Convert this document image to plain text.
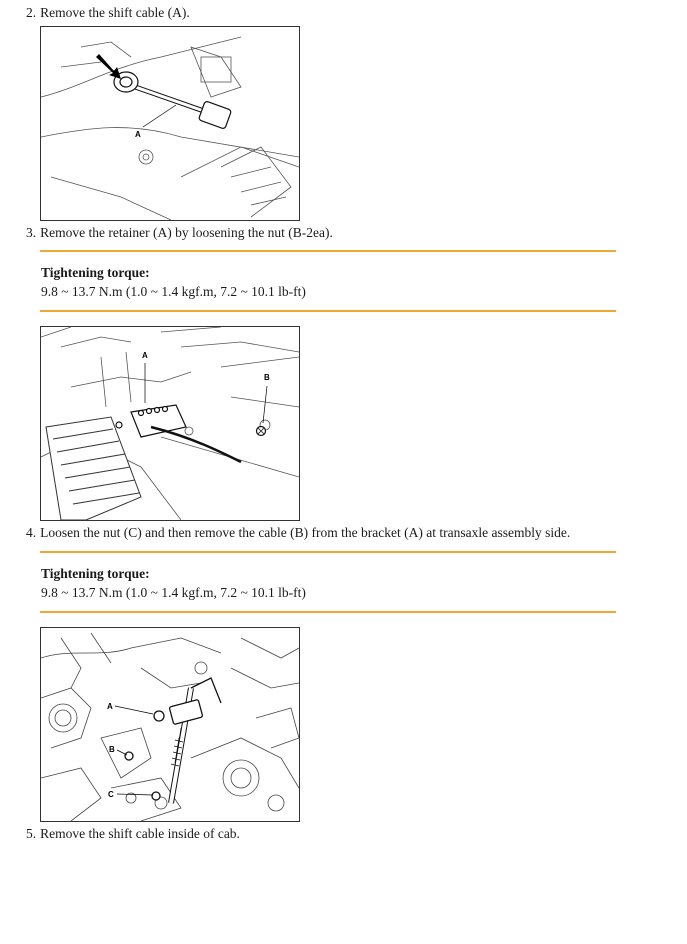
2. Remove the shift cable (A).
A
3. Remove the retainer (A) by loosening the nut (B-2ea).
Tightening torque:
9.8 ~ 13.7 N.m (1.0 ~ 1.4 kgf.m, 7.2 ~ 10.1 lb-ft)
A
B
4. Loosen the nut (C) and then remove the cable (B) from the bracket (A) at transaxle assembly side.
Tightening torque:
9.8 ~ 13.7 N.m (1.0 ~ 1.4 kgf.m, 7.2 ~ 10.1 lb-ft)
A
B
C
5. Remove the shift cable inside of cab.
